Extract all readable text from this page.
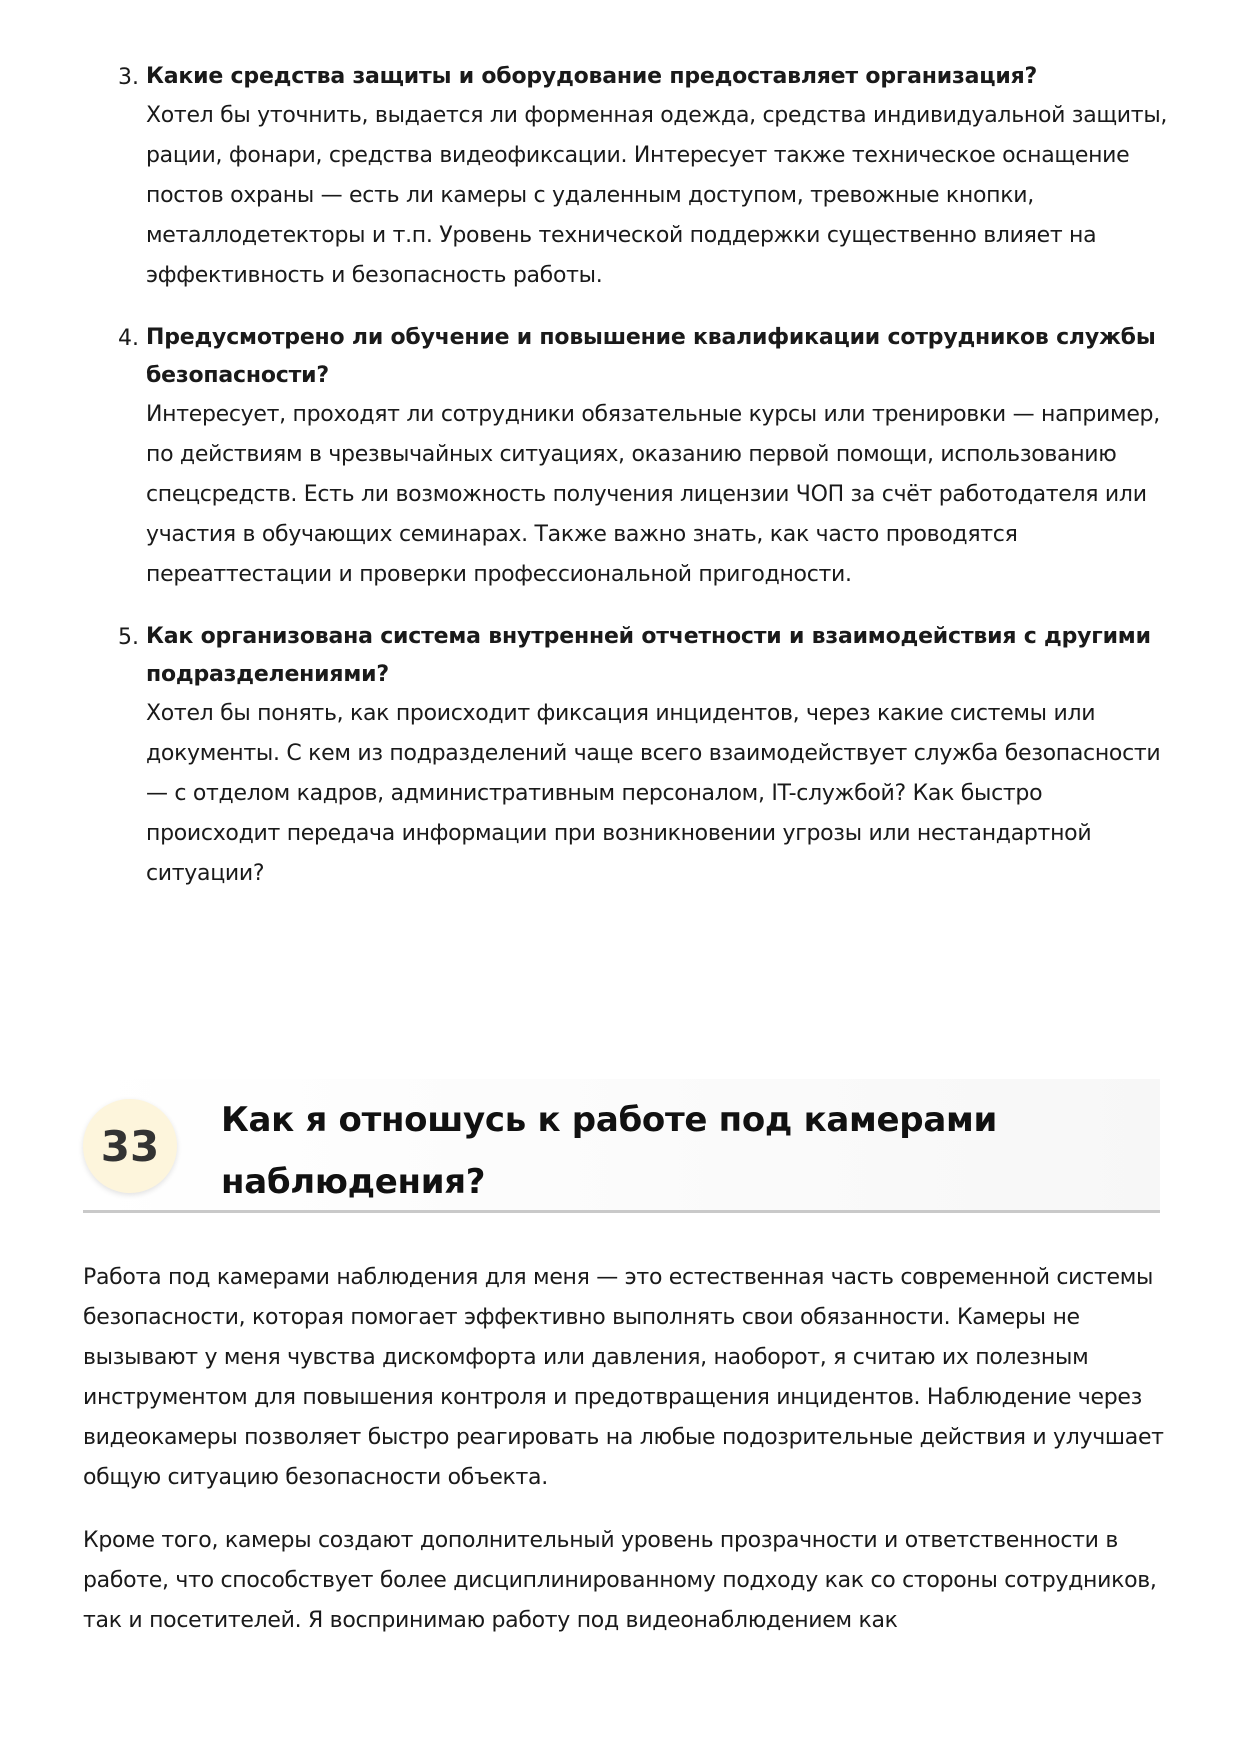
3. Какие средства защиты и оборудование предоставляет организация?

Хотел бы уточнить, выдается ли форменная одежда, средства индивидуальной защиты, рации, фонари, средства видеофиксации. Интересует также техническое оснащение постов охраны — есть ли камеры с удаленным доступом, тревожные кнопки, металлодетекторы и т.п. Уровень технической поддержки существенно влияет на эффективность и безопасность работы.

4. Предусмотрено ли обучение и повышение квалификации сотрудников службы безопасности?

Интересует, проходят ли сотрудники обязательные курсы или тренировки — например, по действиям в чрезвычайных ситуациях, оказанию первой помощи, использованию спецсредств. Есть ли возможность получения лицензии ЧОП за счёт работодателя или участия в обучающих семинарах. Также важно знать, как часто проводятся переаттестации и проверки профессиональной пригодности.

5. Как организована система внутренней отчетности и взаимодействия с другими подразделениями?

Хотел бы понять, как происходит фиксация инцидентов, через какие системы или документы. С кем из подразделений чаще всего взаимодействует служба безопасности — с отделом кадров, административным персоналом, IT-службой? Как быстро происходит передача информации при возникновении угрозы или нестандартной ситуации?

33
Как я отношусь к работе под камерами наблюдения?

Работа под камерами наблюдения для меня — это естественная часть современной системы безопасности, которая помогает эффективно выполнять свои обязанности. Камеры не вызывают у меня чувства дискомфорта или давления, наоборот, я считаю их полезным инструментом для повышения контроля и предотвращения инцидентов. Наблюдение через видеокамеры позволяет быстро реагировать на любые подозрительные действия и улучшает общую ситуацию безопасности объекта.

Кроме того, камеры создают дополнительный уровень прозрачности и ответственности в работе, что способствует более дисциплинированному подходу как со стороны сотрудников, так и посетителей. Я воспринимаю работу под видеонаблюдением как
